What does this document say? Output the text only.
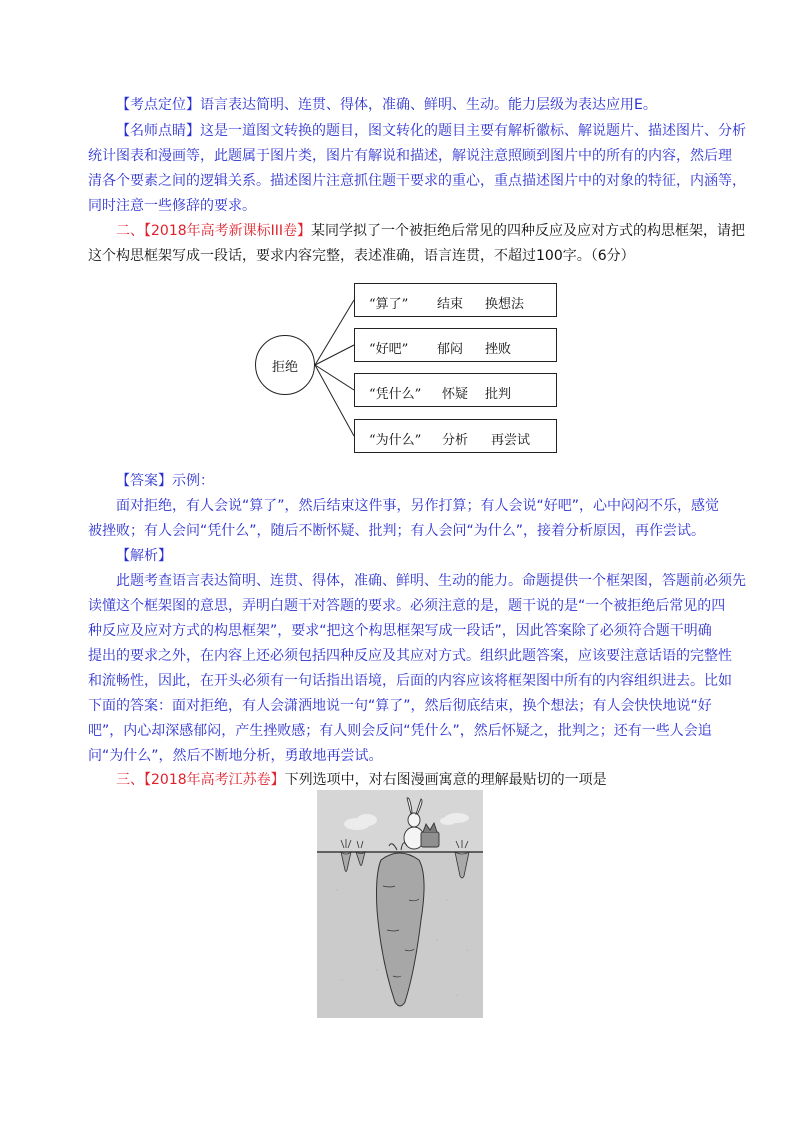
【考点定位】语言表达简明、连贯、得体，准确、鲜明、生动。能力层级为表达应用E。
【名师点睛】这是一道图文转换的题目，图文转化的题目主要有解析徽标、解说题片、描述图片、分析
统计图表和漫画等，此题属于图片类，图片有解说和描述，解说注意照顾到图片中的所有的内容，然后理
清各个要素之间的逻辑关系。描述图片注意抓住题干要求的重心，重点描述图片中的对象的特征，内涵等，
同时注意一些修辞的要求。
二、【2018年高考新课标III卷】某同学拟了一个被拒绝后常见的四种反应及应对方式的构思框架，请把
这个构思框架写成一段话，要求内容完整，表述准确，语言连贯，不超过100字。（6分）
拒绝
“算了” 结束 换想法
“好吧” 郁闷 挫败
“凭什么” 怀疑 批判
“为什么” 分析 再尝试
【答案】示例：
面对拒绝，有人会说“算了”，然后结束这件事，另作打算；有人会说“好吧”，心中闷闷不乐，感觉
被挫败；有人会问“凭什么”，随后不断怀疑、批判；有人会问“为什么”，接着分析原因，再作尝试。
【解析】
此题考查语言表达简明、连贯、得体，准确、鲜明、生动的能力。命题提供一个框架图，答题前必须先
读懂这个框架图的意思，弄明白题干对答题的要求。必须注意的是，题干说的是“一个被拒绝后常见的四
种反应及应对方式的构思框架”，要求“把这个构思框架写成一段话”，因此答案除了必须符合题干明确
提出的要求之外，在内容上还必须包括四种反应及其应对方式。组织此题答案，应该要注意话语的完整性
和流畅性，因此，在开头必须有一句话指出语境，后面的内容应该将框架图中所有的内容组织进去。比如
下面的答案：面对拒绝，有人会潇洒地说一句“算了”，然后彻底结束，换个想法；有人会快快地说“好
吧”，内心却深感郁闷，产生挫败感；有人则会反问“凭什么”，然后怀疑之，批判之；还有一些人会追
问“为什么”，然后不断地分析，勇敢地再尝试。
三、【2018年高考江苏卷】下列选项中，对右图漫画寓意的理解最贴切的一项是
